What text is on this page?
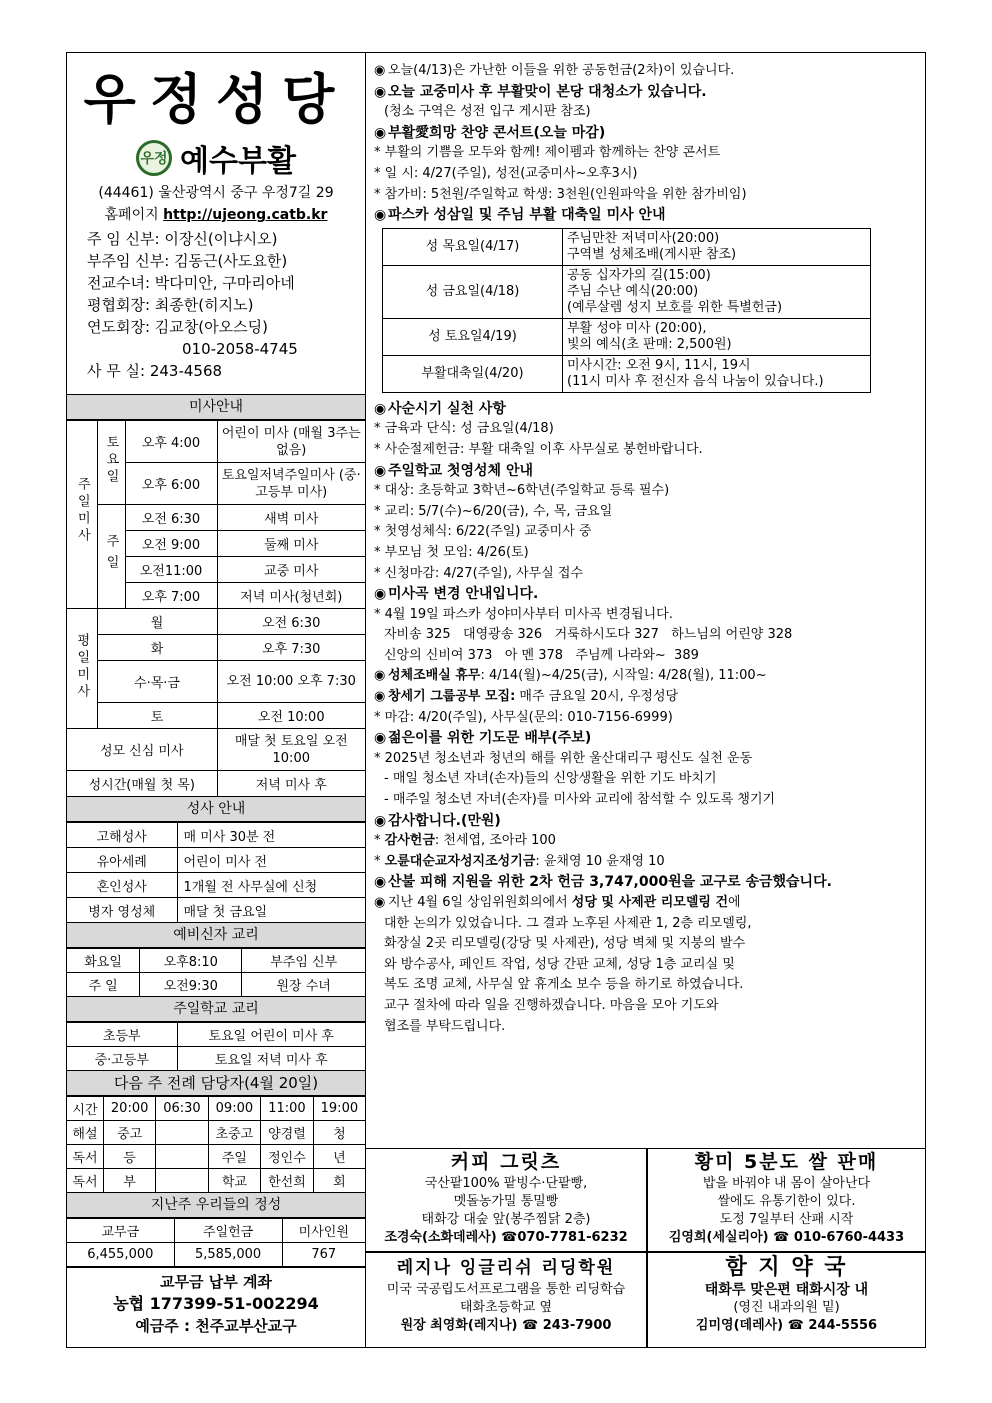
우정성당
우정 예수부활
(44461) 울산광역시 중구 우정7길 29
홈페이지 http://ujeong.catb.kr
주 임 신부: 이장신(이냐시오)
부주임 신부: 김동근(사도요한)
전교수녀: 박다미안, 구마리아네
평협회장: 최종한(히지노)
연도회장: 김교창(아오스딩)
010-2058-4745
사 무 실: 243-4568
미사안내
주일미사	토요일	오후 4:00	어린이 미사 (매월 3주는 없음)
		오후 6:00	토요일저녁주일미사 (중·고등부 미사)
	주일	오전 6:30	새벽 미사
		오전 9:00	둘째 미사
		오전11:00	교중 미사
		오후 7:00	저녁 미사(청년회)
평일미사	월		오전 6:30
	화		오후 7:30
	수·목·금		오전 10:00 오후 7:30
	토		오전 10:00
성모 신심 미사			매달 첫 토요일 오전 10:00
성시간(매월 첫 목)			저녁 미사 후
성사 안내
고해성사	매 미사 30분 전
유아세례	어린이 미사 전
혼인성사	1개월 전 사무실에 신청
병자 영성체	매달 첫 금요일
예비신자 교리
화요일	오후8:10	부주임 신부
주 일	오전9:30	원장 수녀
주일학교 교리
초등부	토요일 어린이 미사 후
중·고등부	토요일 저녁 미사 후
다음 주 전례 담당자(4월 20일)
시간	20:00	06:30	09:00	11:00	19:00
해설	중고		초중고	양경렬	청
독서	등		주일	정인수	년
독서	부		학교	한선희	회
지난주 우리들의 정성
교무금	주일헌금	미사인원
6,455,000	5,585,000	767
교무금 납부 계좌
농협 177399-51-002294
예금주 : 천주교부산교구
◉ 오늘(4/13)은 가난한 이들을 위한 공동헌금(2차)이 있습니다.
◉ 오늘 교중미사 후 부활맞이 본당 대청소가 있습니다.
(청소 구역은 성전 입구 게시판 참조)
◉ 부활愛희망 찬양 콘서트(오늘 마감)
* 부활의 기쁨을 모두와 함께! 제이펨과 함께하는 찬양 콘서트
* 일 시: 4/27(주일), 성전(교중미사~오후3시)
* 참가비: 5천원/주일학교 학생: 3천원(인원파악을 위한 참가비임)
◉ 파스카 성삼일 및 주님 부활 대축일 미사 안내
성 목요일(4/17)	주님만찬 저녁미사(20:00)
구역별 성체조배(게시판 참조)

성 금요일(4/18)	공동 십자가의 길(15:00)
주님 수난 예식(20:00)
(예루살렘 성지 보호를 위한 특별헌금)

성 토요일4/19)	부활 성야 미사 (20:00),
빛의 예식(초 판매: 2,500원)

부활대축일(4/20)	미사시간: 오전 9시, 11시, 19시
(11시 미사 후 전신자 음식 나눔이 있습니다.)
◉ 사순시기 실천 사항
* 금육과 단식: 성 금요일(4/18)
* 사순절제헌금: 부활 대축일 이후 사무실로 봉헌바랍니다.
◉ 주일학교 첫영성체 안내
* 대상: 초등학교 3학년~6학년(주일학교 등록 필수)
* 교리: 5/7(수)~6/20(금), 수, 목, 금요일
* 첫영성체식: 6/22(주일) 교중미사 중
* 부모님 첫 모임: 4/26(토)
* 신청마감: 4/27(주일), 사무실 접수
◉ 미사곡 변경 안내입니다.
* 4월 19일 파스카 성야미사부터 미사곡 변경됩니다.
자비송 325   대영광송 326   거룩하시도다 327   하느님의 어린양 328
신앙의 신비여 373   아 멘 378   주님께 나라와~  389
◉ 성체조배실 휴무: 4/14(월)~4/25(금), 시작일: 4/28(월), 11:00~
◉ 창세기 그룹공부 모집: 매주 금요일 20시, 우정성당
* 마감: 4/20(주일), 사무실(문의: 010-7156-6999)
◉ 젊은이를 위한 기도문 배부(주보)
* 2025년 청소년과 청년의 해를 위한 울산대리구 평신도 실천 운동
- 매일 청소년 자녀(손자)들의 신앙생활을 위한 기도 바치기
- 매주일 청소년 자녀(손자)를 미사와 교리에 참석할 수 있도록 챙기기
◉ 감사합니다.(만원)
* 감사헌금: 천세엽, 조아라 100
* 오륜대순교자성지조성기금: 윤채영 10 윤재영 10
◉ 산불 피해 지원을 위한 2차 헌금 3,747,000원을 교구로 송금했습니다.
◉ 지난 4월 6일 상임위원회의에서 성당 및 사제관 리모델링 건에
대한 논의가 있었습니다. 그 결과 노후된 사제관 1, 2층 리모델링,
화장실 2곳 리모델링(강당 및 사제관), 성당 벽체 및 지붕의 발수
와 방수공사, 페인트 작업, 성당 간판 교체, 성당 1층 교리실 및
복도 조명 교체, 사무실 앞 휴게소 보수 등을 하기로 하였습니다.
교구 절차에 따라 일을 진행하겠습니다. 마음을 모아 기도와
협조를 부탁드립니다.
커피 그릿츠
국산팥100% 팥빙수·단팥빵,
멧돌농가밀 통밀빵
태화강 대숲 앞(봉주찜닭 2층)
조경숙(소화데레사) ☎070-7781-6232
황미 5분도 쌀 판매
밥을 바꿔야 내 몸이 살아난다
쌀에도 유통기한이 있다.
도정 7일부터 산패 시작
김영희(세실리아) ☎ 010-6760-4433
레지나 잉글리쉬 리딩학원
미국 국공립도서프로그램을 통한 리딩학습
태화초등학교 옆
원장 최영화(레지나) ☎ 243-7900
함 지 약 국
태화루 맞은편 태화시장 내
(영진 내과의원 밑)
김미영(데레사) ☎ 244-5556
